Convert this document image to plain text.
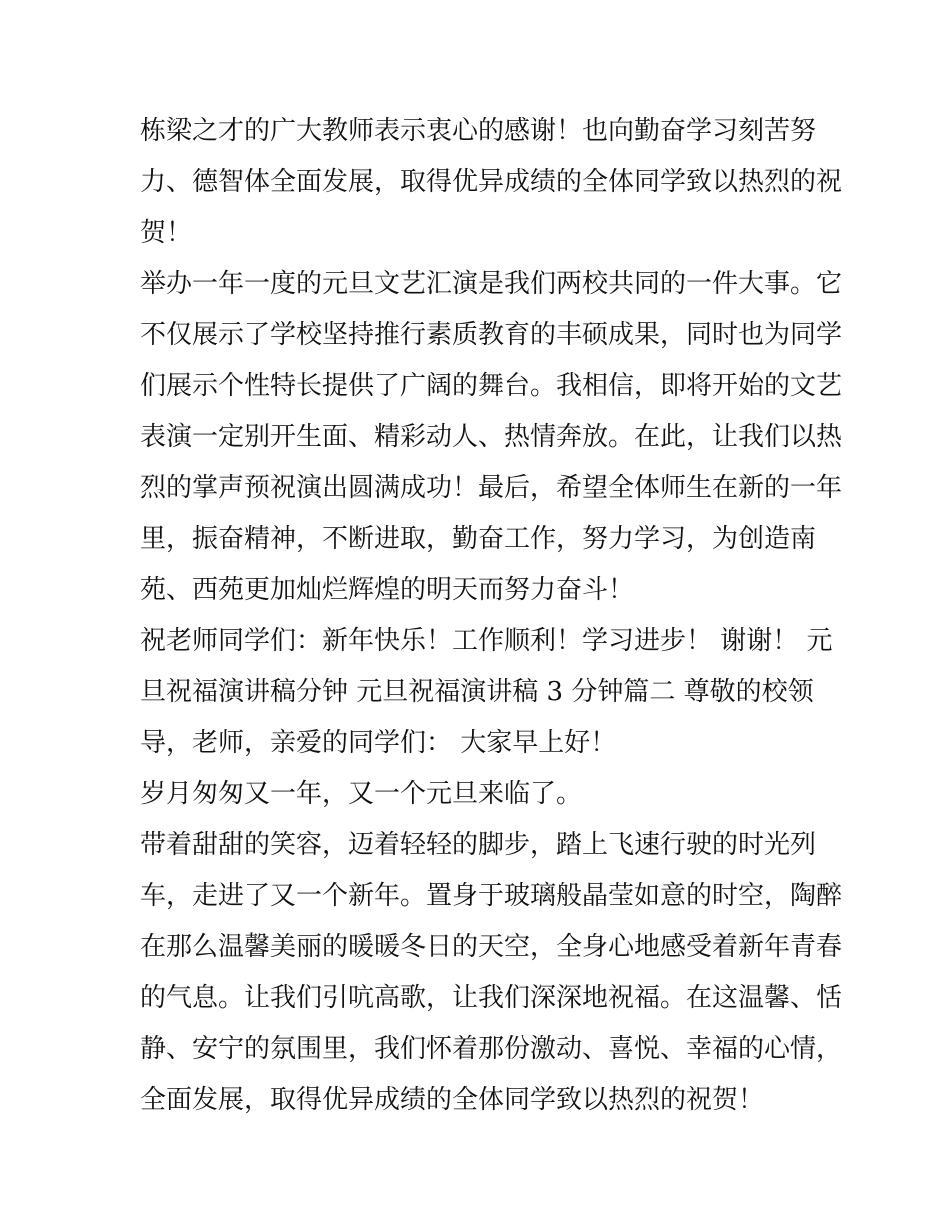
栋梁之才的广大教师表示衷心的感谢！也向勤奋学习刻苦努
力、德智体全面发展，取得优异成绩的全体同学致以热烈的祝
贺！
举办一年一度的元旦文艺汇演是我们两校共同的一件大事。它
不仅展示了学校坚持推行素质教育的丰硕成果，同时也为同学
们展示个性特长提供了广阔的舞台。我相信，即将开始的文艺
表演一定别开生面、精彩动人、热情奔放。在此，让我们以热
烈的掌声预祝演出圆满成功！最后，希望全体师生在新的一年
里，振奋精神，不断进取，勤奋工作，努力学习，为创造南
苑、西苑更加灿烂辉煌的明天而努力奋斗！
祝老师同学们：新年快乐！工作顺利！学习进步！ 谢谢！ 元
旦祝福演讲稿分钟 元旦祝福演讲稿 3 分钟篇二 尊敬的校领
导，老师，亲爱的同学们： 大家早上好！
岁月匆匆又一年，又一个元旦来临了。
带着甜甜的笑容，迈着轻轻的脚步，踏上飞速行驶的时光列
车，走进了又一个新年。置身于玻璃般晶莹如意的时空，陶醉
在那么温馨美丽的暖暖冬日的天空，全身心地感受着新年青春
的气息。让我们引吭高歌，让我们深深地祝福。在这温馨、恬
静、安宁的氛围里，我们怀着那份激动、喜悦、幸福的心情，
全面发展，取得优异成绩的全体同学致以热烈的祝贺！
